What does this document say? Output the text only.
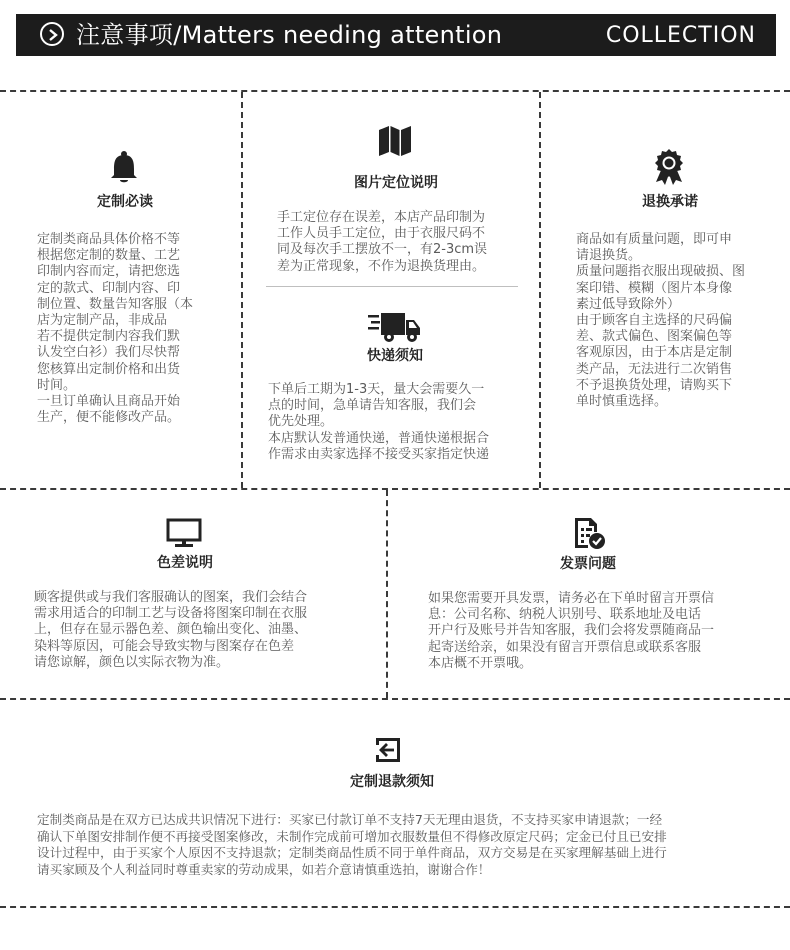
注意事项/Matters needing attention	COLLECTION
定制必读

定制类商品具体价格不等
根据您定制的数量、工艺
印制内容而定，请把您选
定的款式、印制内容、印
制位置、数量告知客服（本
店为定制产品，非成品
若不提供定制内容我们默
认发空白衫）我们尽快帮
您核算出定制价格和出货
时间。
一旦订单确认且商品开始
生产，便不能修改产品。

图片定位说明

手工定位存在误差，本店产品印制为
工作人员手工定位，由于衣服尺码不
同及每次手工摆放不一，有2-3cm误
差为正常现象，不作为退换货理由。

快递须知

下单后工期为1-3天，量大会需要久一
点的时间，急单请告知客服，我们会
优先处理。
本店默认发普通快递，普通快递根据合
作需求由卖家选择不接受买家指定快递

退换承诺

商品如有质量问题，即可申
请退换货。
质量问题指衣服出现破损、图
案印错、模糊（图片本身像
素过低导致除外）
由于顾客自主选择的尺码偏
差、款式偏色、图案偏色等
客观原因，由于本店是定制
类产品，无法进行二次销售
不予退换货处理，请购买下
单时慎重选择。

色差说明

顾客提供或与我们客服确认的图案，我们会结合
需求用适合的印制工艺与设备将图案印制在衣服
上，但存在显示器色差、颜色输出变化、油墨、
染料等原因，可能会导致实物与图案存在色差
请您谅解，颜色以实际衣物为准。

发票问题

如果您需要开具发票，请务必在下单时留言开票信
息：公司名称、纳税人识别号、联系地址及电话
开户行及账号并告知客服，我们会将发票随商品一
起寄送给亲，如果没有留言开票信息或联系客服
本店概不开票哦。

定制退款须知

定制类商品是在双方已达成共识情况下进行：买家已付款订单不支持7天无理由退货，不支持买家申请退款；一经
确认下单图安排制作便不再接受图案修改，未制作完成前可增加衣服数量但不得修改原定尺码；定金已付且已安排
设计过程中，由于买家个人原因不支持退款；定制类商品性质不同于单件商品，双方交易是在买家理解基础上进行
请买家顾及个人利益同时尊重卖家的劳动成果，如若介意请慎重选拍，谢谢合作！
